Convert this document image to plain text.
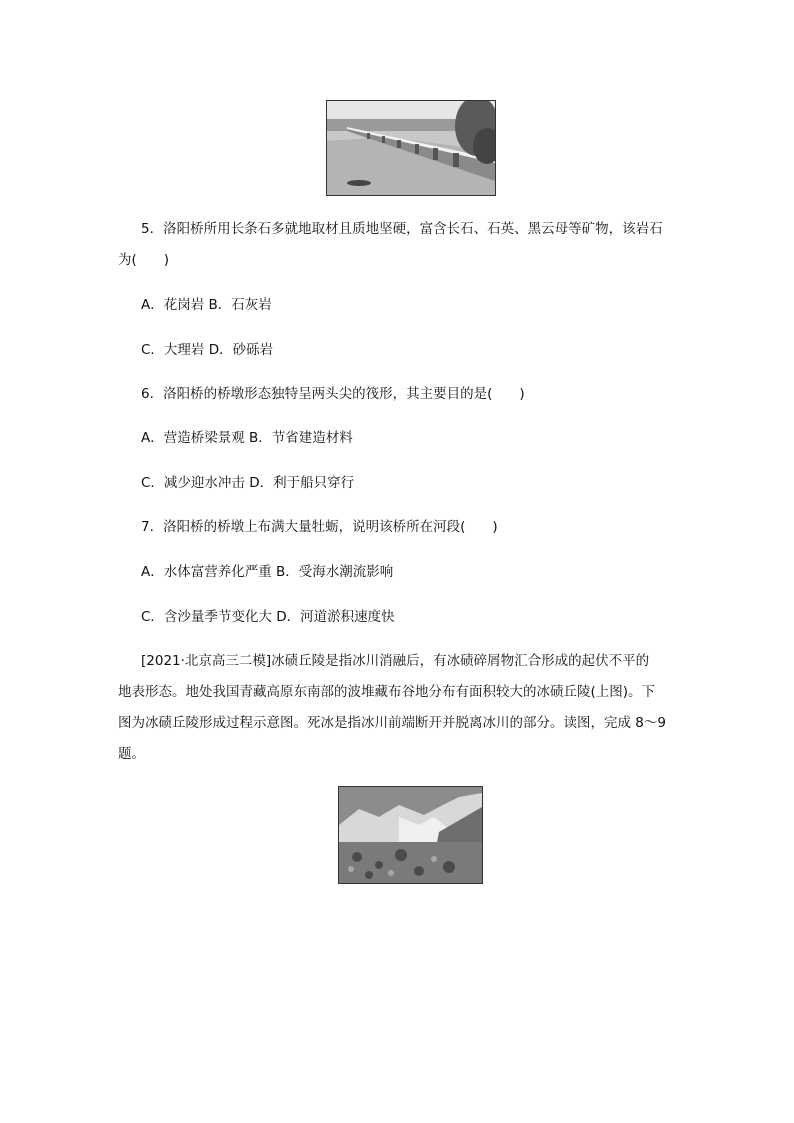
5．洛阳桥所用长条石多就地取材且质地坚硬，富含长石、石英、黑云母等矿物，该岩石
为(　　)
A．花岗岩 B．石灰岩
C．大理岩 D．砂砾岩
6．洛阳桥的桥墩形态独特呈两头尖的筏形，其主要目的是(　　)
A．营造桥梁景观 B．节省建造材料
C．减少迎水冲击 D．利于船只穿行
7．洛阳桥的桥墩上布满大量牡蛎，说明该桥所在河段(　　)
A．水体富营养化严重 B．受海水潮流影响
C．含沙量季节变化大 D．河道淤积速度快
[2021·北京高三二模]冰碛丘陵是指冰川消融后，有冰碛碎屑物汇合形成的起伏不平的
地表形态。地处我国青藏高原东南部的波堆藏布谷地分布有面积较大的冰碛丘陵(上图)。下
图为冰碛丘陵形成过程示意图。死冰是指冰川前端断开并脱离冰川的部分。读图，完成 8～9
题。
